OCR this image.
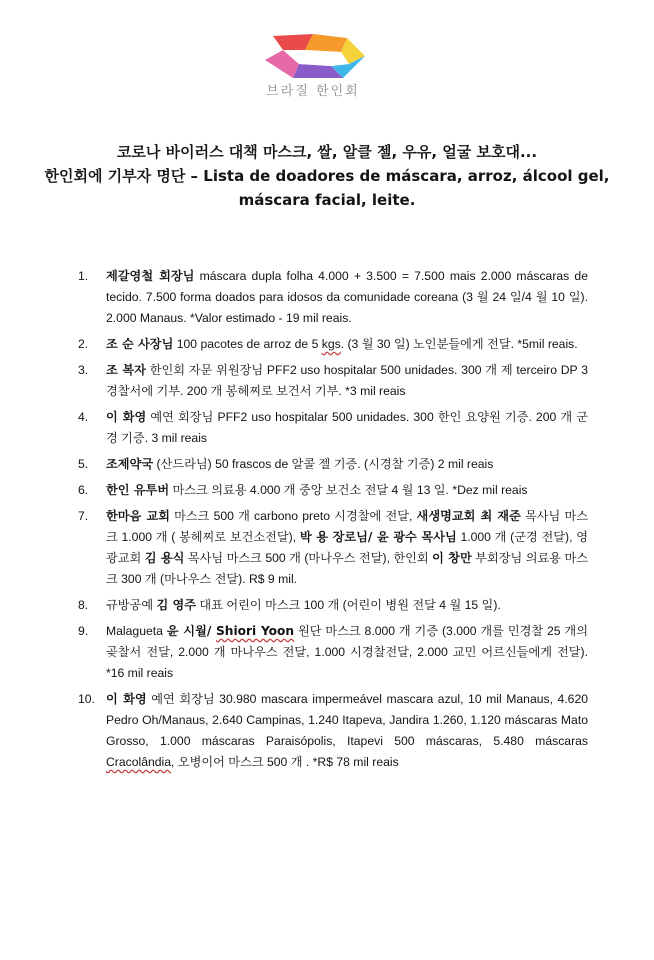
브라질 한인회
코로나 바이러스 대책 마스크, 쌀, 알클 젤, 우유, 얼굴 보호대...
한인회에 기부자 명단 – Lista de doadores de máscara, arroz, álcool gel,
máscara facial, leite.
1.	제갈영철 회장님 máscara dupla folha 4.000 + 3.500 = 7.500 mais 2.000 máscaras de tecido. 7.500 forma doados para idosos da comunidade coreana (3 월 24 일/4 월 10 일). 2.000 Manaus. *Valor estimado - 19 mil reais.
2.	조 순 사장님 100 pacotes de arroz de 5 kgs. (3 월 30 일) 노인분들에게 전달. *5mil reais.
3.	조 복자 한인회 자문 위원장님 PFF2 uso hospitalar 500 unidades. 300 개 제 terceiro DP 3 경찰서에 기부. 200 개 봉헤찌로 보건서 기부. *3 mil reais
4.	이 화영 예연 회장님 PFF2 uso hospitalar 500 unidades. 300 한인 요양원 기증. 200 개 군경 기증. 3 mil reais
5.	조제약국 (산드라님) 50 frascos de 알콜 젤 기증. (시경찰 기증) 2 mil reais
6.	한인 유투버 마스크 의료용 4.000 개 중앙 보건소 전달 4 월 13 일. *Dez mil reais
7.	한마음 교회 마스크 500 개 carbono preto 시경찰에 전달, 새생명교회 최 재준 목사님 마스크 1.000 개 ( 봉헤찌로 보건소전달), 박 용 장로님/ 윤 광수 목사님 1.000 개 (군경 전달), 영광교회 김 용식 목사님 마스크 500 개 (마나우스 전달), 한인회 이 창만 부회장님 의료용 마스크 300 개 (마나우스 전달). R$ 9 mil.
8.	규방공예 김 영주 대표 어린이 마스크 100 개 (어린이 병원 전달 4 월 15 일).
9.	Malagueta 윤 시월/ Shiori Yoon 원단 마스크 8.000 개 기증 (3.000 개를 민경찰 25 개의 곶찰서 전달, 2.000 개 마나우스 전달, 1.000 시경찰전달, 2.000 교민 어르신들에게 전달). *16 mil reais
10. 이 화영 예연 회장님 30.980 mascara impermeável mascara azul, 10 mil Manaus, 4.620 Pedro Oh/Manaus, 2.640 Campinas, 1.240 Itapeva, Jandira 1.260, 1.120 máscaras Mato Grosso, 1.000 máscaras Paraisópolis, Itapevi 500 máscaras, 5.480 máscaras Cracolândia, 오병이어 마스크 500 개 . *R$ 78 mil reais
